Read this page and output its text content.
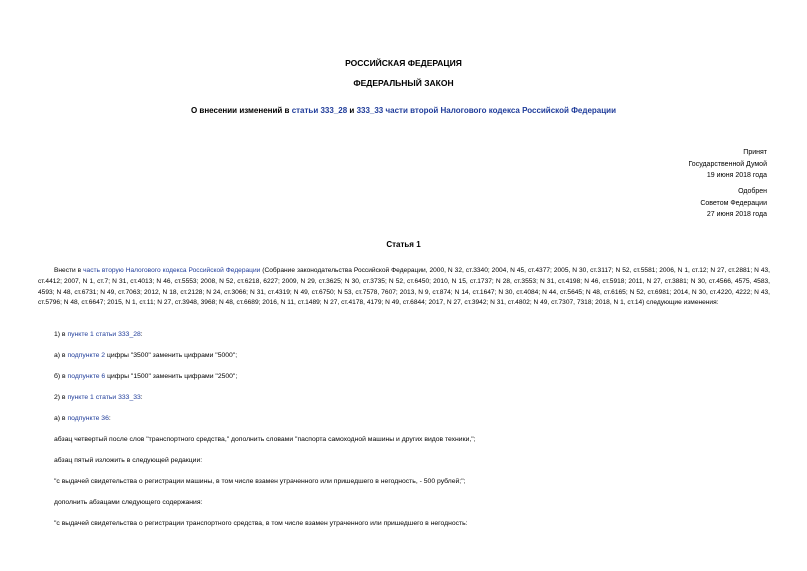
РОССИЙСКАЯ ФЕДЕРАЦИЯ
ФЕДЕРАЛЬНЫЙ ЗАКОН
О внесении изменений в статьи 333_28 и 333_33 части второй Налогового кодекса Российской Федерации
Принят
Государственной Думой
19 июня 2018 года
Одобрен
Советом Федерации
27 июня 2018 года
Статья 1
Внести в часть вторую Налогового кодекса Российской Федерации (Собрание законодательства Российской Федерации, 2000, N 32, ст.3340; 2004, N 45, ст.4377; 2005, N 30, ст.3117; N 52, ст.5581; 2006, N 1, ст.12; N 27, ст.2881; N 43, ст.4412; 2007, N 1, ст.7; N 31, ст.4013; N 46, ст.5553; 2008, N 52, ст.6218, 6227; 2009, N 29, ст.3625; N 30, ст.3735; N 52, ст.6450; 2010, N 15, ст.1737; N 28, ст.3553; N 31, ст.4198; N 46, ст.5918; 2011, N 27, ст.3881; N 30, ст.4566, 4575, 4583, 4593; N 48, ст.6731; N 49, ст.7063; 2012, N 18, ст.2128; N 24, ст.3066; N 31, ст.4319; N 49, ст.6750; N 53, ст.7578, 7607; 2013, N 9, ст.874; N 14, ст.1647; N 30, ст.4084; N 44, ст.5645; N 48, ст.6165; N 52, ст.6981; 2014, N 30, ст.4220, 4222; N 43, ст.5796; N 48, ст.6647; 2015, N 1, ст.11; N 27, ст.3948, 3968; N 48, ст.6689; 2016, N 11, ст.1489; N 27, ст.4178, 4179; N 49, ст.6844; 2017, N 27, ст.3942; N 31, ст.4802; N 49, ст.7307, 7318; 2018, N 1, ст.14) следующие изменения:
1) в пункте 1 статьи 333_28:
а) в подпункте 2 цифры "3500" заменить цифрами "5000";
б) в подпункте 6 цифры "1500" заменить цифрами "2500";
2) в пункте 1 статьи 333_33:
а) в подпункте 36:
абзац четвертый после слов "транспортного средства," дополнить словами "паспорта самоходной машины и других видов техники,";
абзац пятый изложить в следующей редакции:
"с выдачей свидетельства о регистрации машины, в том числе взамен утраченного или пришедшего в негодность, - 500 рублей;";
дополнить абзацами следующего содержания:
"с выдачей свидетельства о регистрации транспортного средства, в том числе взамен утраченного или пришедшего в негодность:
